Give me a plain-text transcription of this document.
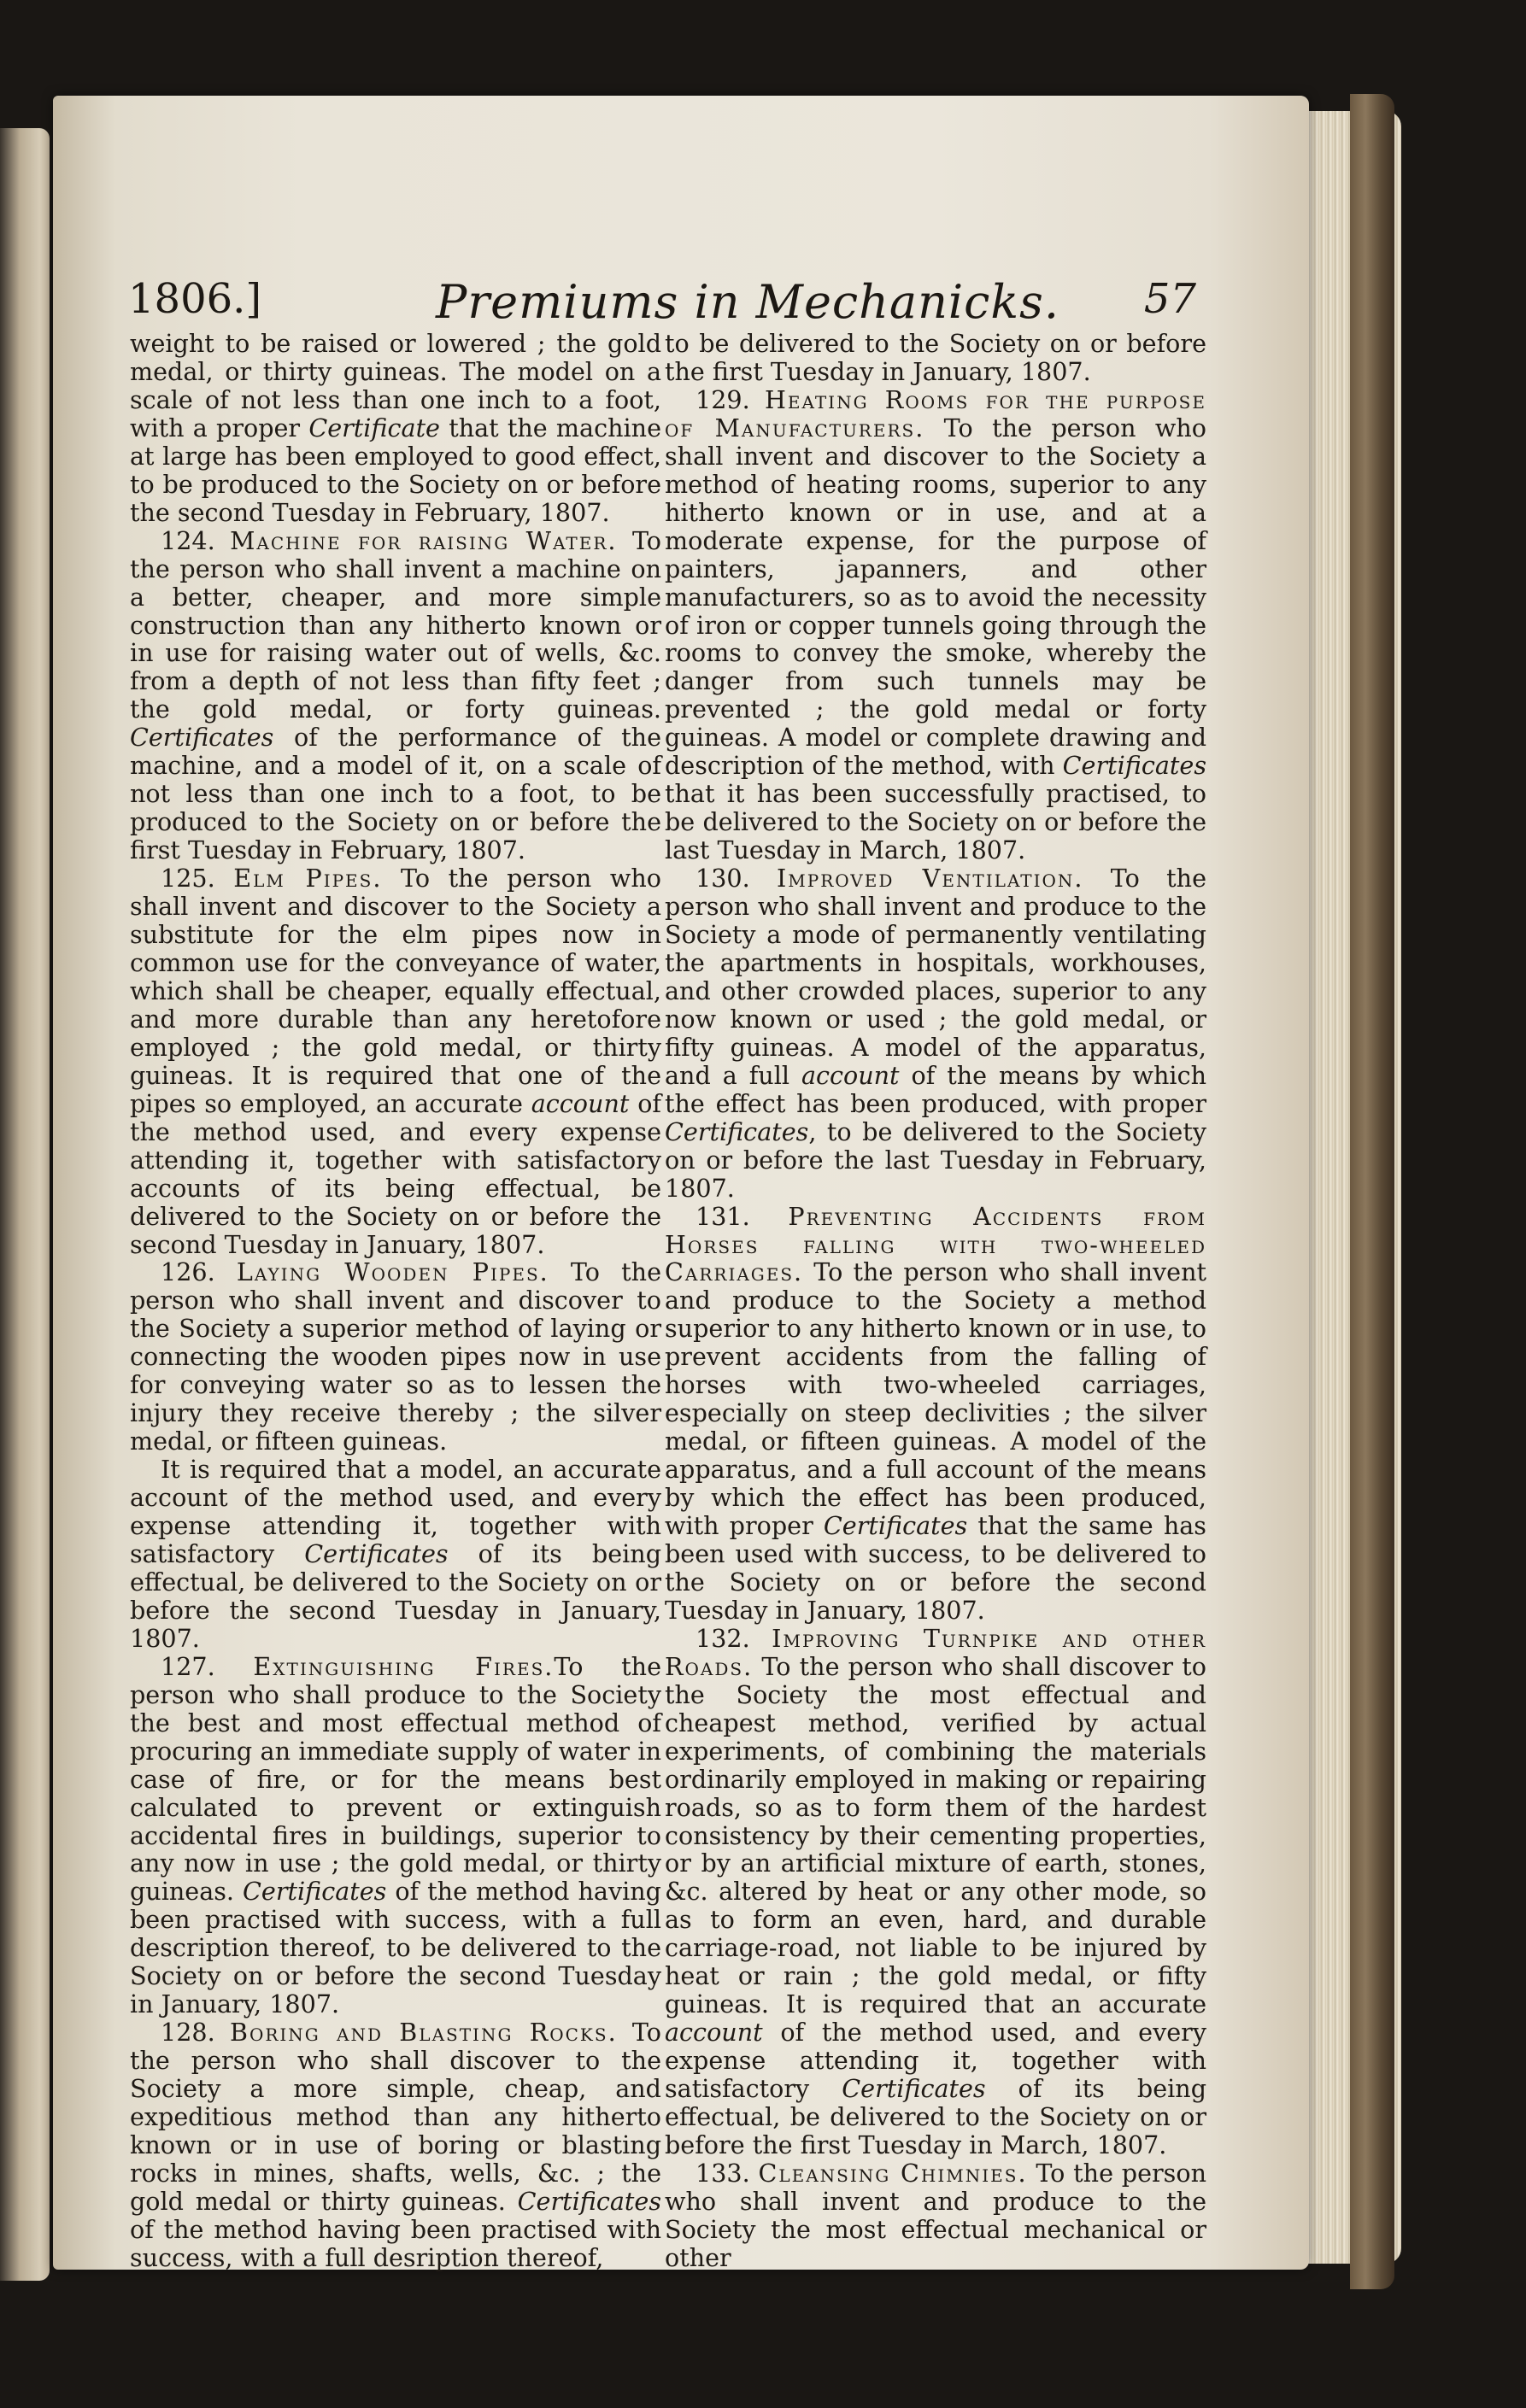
1806.]	Premiums in Mechanicks. 57

weight to be raised or lowered ; the gold medal, or thirty guineas. The model on a scale of not less than one inch to a foot, with a proper Certificate that the machine at large has been employed to good effect, to be produced to the Society on or before the second Tuesday in February, 1807.

124. Machine for raising Water. To the person who shall invent a machine on a better, cheaper, and more simple construction than any hitherto known or in use for raising water out of wells, &c. from a depth of not less than fifty feet ; the gold medal, or forty guineas. Certificates of the performance of the machine, and a model of it, on a scale of not less than one inch to a foot, to be produced to the Society on or before the first Tuesday in February, 1807.

125. Elm Pipes. To the person who shall invent and discover to the Society a substitute for the elm pipes now in common use for the conveyance of water, which shall be cheaper, equally effectual, and more durable than any heretofore employed ; the gold medal, or thirty guineas. It is required that one of the pipes so employed, an accurate account of the method used, and every expense attending it, together with satisfactory accounts of its being effectual, be delivered to the Society on or before the second Tuesday in January, 1807.

126. Laying Wooden Pipes. To the person who shall invent and discover to the Society a superior method of laying or connecting the wooden pipes now in use for conveying water so as to lessen the injury they receive thereby ; the silver medal, or fifteen guineas.

It is required that a model, an accurate account of the method used, and every expense attending it, together with satisfactory Certificates of its being effectual, be delivered to the Society on or before the second Tuesday in January, 1807.

127. Extinguishing Fires.To the person who shall produce to the Society the best and most effectual method of procuring an immediate supply of water in case of fire, or for the means best calculated to prevent or extinguish accidental fires in buildings, superior to any now in use ; the gold medal, or thirty guineas. Certificates of the method having been practised with success, with a full description thereof, to be delivered to the Society on or before the second Tuesday in January, 1807.

128. Boring and Blasting Rocks. To the person who shall discover to the Society a more simple, cheap, and expeditious method than any hitherto known or in use of boring or blasting rocks in mines, shafts, wells, &c. ; the gold medal or thirty guineas. Certificates of the method having been practised with success, with a full desription thereof,

to be delivered to the Society on or before the first Tuesday in January, 1807.

129. Heating Rooms for the purpose of Manufacturers. To the person who shall invent and discover to the Society a method of heating rooms, superior to any hitherto known or in use, and at a moderate expense, for the purpose of painters, japanners, and other manufacturers, so as to avoid the necessity of iron or copper tunnels going through the rooms to convey the smoke, whereby the danger from such tunnels may be prevented ; the gold medal or forty guineas. A model or complete drawing and description of the method, with Certificates that it has been successfully practised, to be delivered to the Society on or before the last Tuesday in March, 1807.

130. Improved Ventilation. To the person who shall invent and produce to the Society a mode of permanently ventilating the apartments in hospitals, workhouses, and other crowded places, superior to any now known or used ; the gold medal, or fifty guineas. A model of the apparatus, and a full account of the means by which the effect has been produced, with proper Certificates, to be delivered to the Society on or before the last Tuesday in February, 1807.

131. Preventing Accidents from Horses falling with two-wheeled Carriages. To the person who shall invent and produce to the Society a method superior to any hitherto known or in use, to prevent accidents from the falling of horses with two-wheeled carriages, especially on steep declivities ; the silver medal, or fifteen guineas. A model of the apparatus, and a full account of the means by which the effect has been produced, with proper Certificates that the same has been used with success, to be delivered to the Society on or before the second Tuesday in January, 1807.

132. Improving Turnpike and other Roads. To the person who shall discover to the Society the most effectual and cheapest method, verified by actual experiments, of combining the materials ordinarily employed in making or repairing roads, so as to form them of the hardest consistency by their cementing properties, or by an artificial mixture of earth, stones, &c. altered by heat or any other mode, so as to form an even, hard, and durable carriage-road, not liable to be injured by heat or rain ; the gold medal, or fifty guineas. It is required that an accurate account of the method used, and every expense attending it, together with satisfactory Certificates of its being effectual, be delivered to the Society on or before the first Tuesday in March, 1807.

133. Cleansing Chimnies. To the person who shall invent and produce to the Society the most effectual mechanical or other
